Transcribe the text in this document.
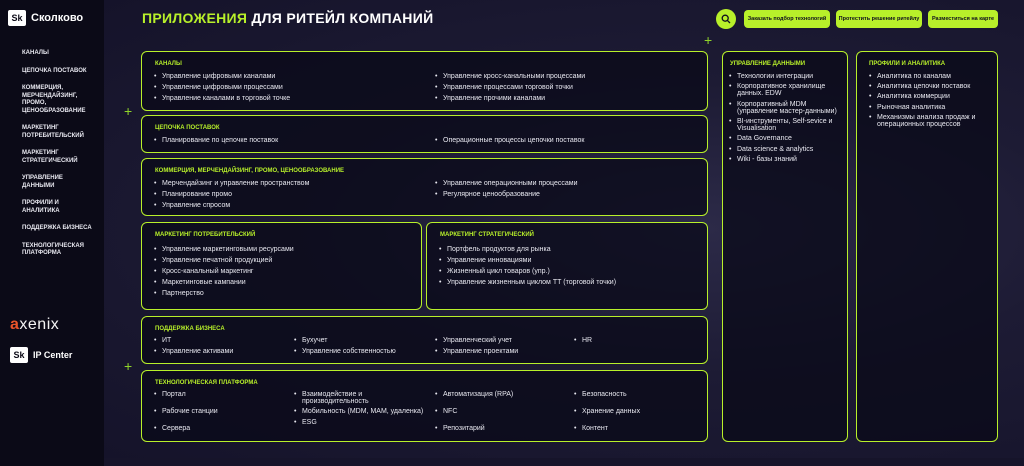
Sk Сколково
КАНАЛЫ
ЦЕПОЧКА ПОСТАВОК
КОММЕРЦИЯ, МЕРЧЕНДАЙЗИНГ, ПРОМО, ЦЕНООБРАЗОВАНИЕ
МАРКЕТИНГ ПОТРЕБИТЕЛЬСКИЙ
МАРКЕТИНГ СТРАТЕГИЧЕСКИЙ
УПРАВЛЕНИЕ ДАННЫМИ
ПРОФИЛИ И АНАЛИТИКА
ПОДДЕРЖКА БИЗНЕСА
ТЕХНОЛОГИЧЕСКАЯ ПЛАТФОРМА
axenix
Sk IP Center
ПРИЛОЖЕНИЯ ДЛЯ РИТЕЙЛ КОМПАНИЙ	Заказать подбор технологий	Протестить решение ритейлу	Разместиться на карте
+
+
+
КАНАЛЫ
• Управление цифровыми каналами
• Управление цифровыми процессами
• Управление каналами в торговой точке
• Управление кросс-канальными процессами
• Управление процессами торговой точки
• Управление прочими каналами
ЦЕПОЧКА ПОСТАВОК
• Планирование по цепочке поставок
•	Операционные процессы цепочки поставок
КОММЕРЦИЯ, МЕРЧЕНДАЙЗИНГ, ПРОМО, ЦЕНООБРАЗОВАНИЕ
• Мерчендайзинг и управление пространством
• Планирование промо
• Управление спросом
• Управление операционными процессами
• Регулярное ценообразование
МАРКЕТИНГ ПОТРЕБИТЕЛЬСКИЙ
• Управление маркетинговыми ресурсами
• Управление печатной продукцией
• Кросс-канальный маркетинг
• Маркетинговые кампании
• Партнерство
МАРКЕТИНГ СТРАТЕГИЧЕСКИЙ
• Портфель продуктов для рынка
• Управление инновациями
• Жизненный цикл товаров (упр.)
• Управление жизненным циклом ТТ (торговой точки)
ПОДДЕРЖКА БИЗНЕСА
• ИТ
• Управление активами
• Бухучет
• Управление собственностью
• Управленческий учет
• Управление проектами
• HR
ТЕХНОЛОГИЧЕСКАЯ ПЛАТФОРМА
• Портал
• Рабочие станции
• Сервера
• Взаимодействие и производительность
• Мобильность (MDM, MAM, удаленка)
• ESG
• Автоматизация (RPA)
• NFC
• Репозитарий
• Безопасность
• Хранение данных
• Контент
УПРАВЛЕНИЕ ДАННЫМИ
• Технологии интеграции
• Корпоративное хранилище данных. EDW
• Корпоративный MDM (управление мастер-данными)
• BI-инструменты, Self-sevice и Visualisation
• Data Governance
• Data science & analytics
• Wiki - базы знаний
ПРОФИЛИ И АНАЛИТИКА
• Аналитика по каналам
• Аналитика цепочки поставок
• Аналитика коммерции
• Рыночная аналитика
• Механизмы анализа продаж и операционных процессов
